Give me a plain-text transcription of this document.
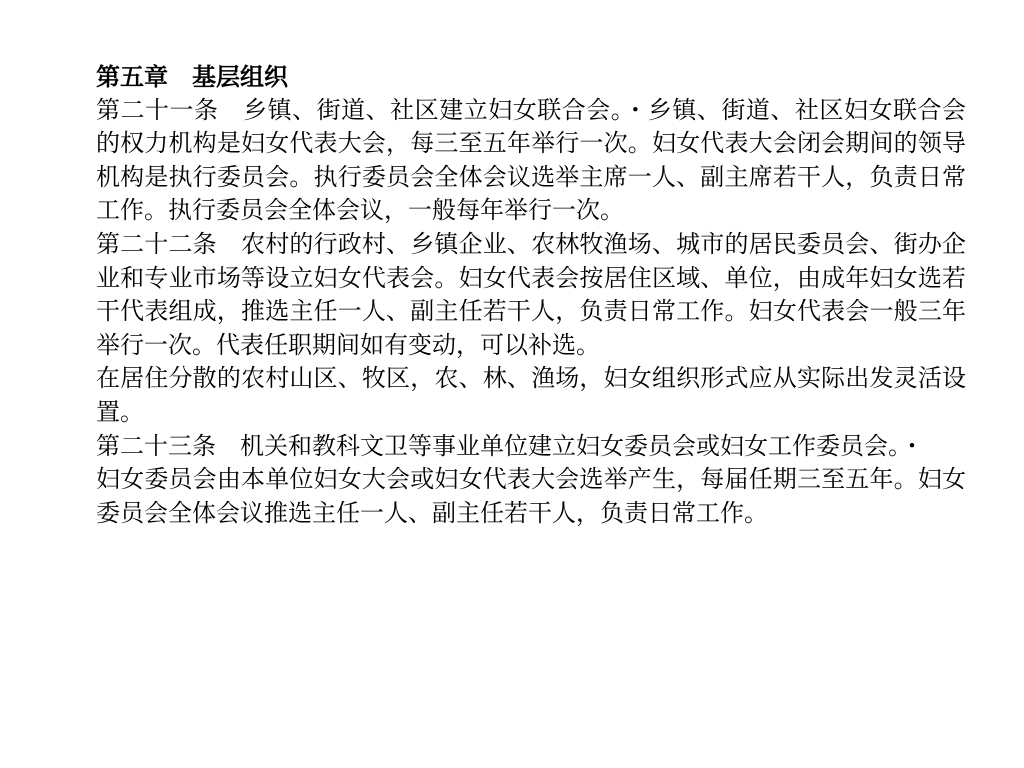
第五章　基层组织

第二十一条　乡镇、街道、社区建立妇女联合会。・乡镇、街道、社区妇女联合会的权力机构是妇女代表大会，每三至五年举行一次。妇女代表大会闭会期间的领导机构是执行委员会。执行委员会全体会议选举主席一人、副主席若干人，负责日常工作。执行委员会全体会议，一般每年举行一次。

第二十二条　农村的行政村、乡镇企业、农林牧渔场、城市的居民委员会、街办企业和专业市场等设立妇女代表会。妇女代表会按居住区域、单位，由成年妇女选若干代表组成，推选主任一人、副主任若干人，负责日常工作。妇女代表会一般三年举行一次。代表任职期间如有变动，可以补选。

在居住分散的农村山区、牧区，农、林、渔场，妇女组织形式应从实际出发灵活设置。

第二十三条　机关和教科文卫等事业单位建立妇女委员会或妇女工作委员会。・

妇女委员会由本单位妇女大会或妇女代表大会选举产生，每届任期三至五年。妇女委员会全体会议推选主任一人、副主任若干人，负责日常工作。
